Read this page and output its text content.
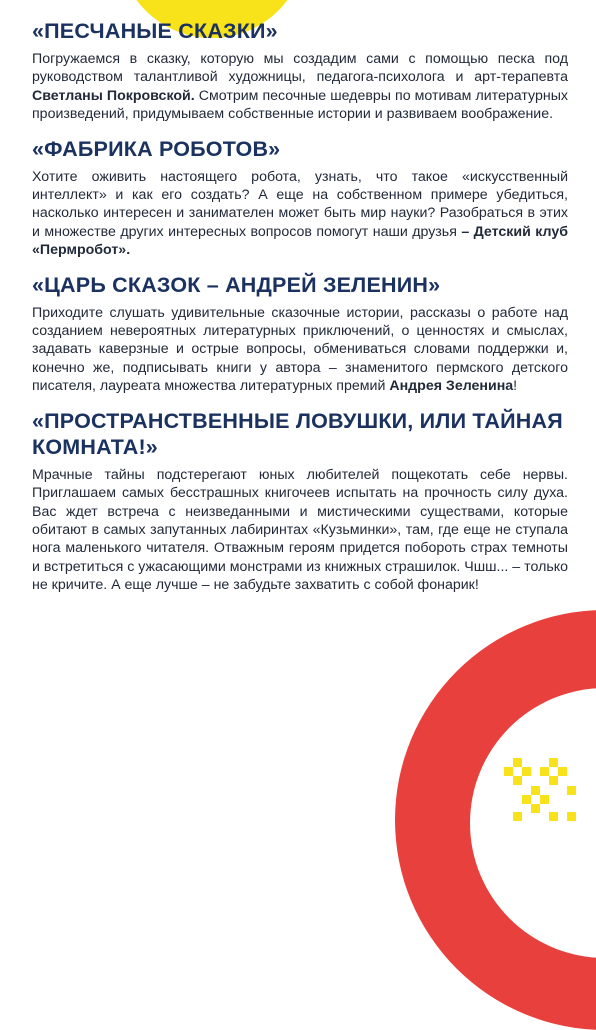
«ПЕСЧАНЫЕ СКАЗКИ»

Погружаемся в сказку, которую мы создадим сами с помощью песка под руководством талантливой художницы, педагога-психолога и арт-терапевта Светланы Покровской. Смотрим песочные шедевры по мотивам литературных произведений, придумываем собственные истории и развиваем воображение.

«ФАБРИКА РОБОТОВ»

Хотите оживить настоящего робота, узнать, что такое «искусственный интеллект» и как его создать? А еще на собственном примере убедиться, насколько интересен и занимателен может быть мир науки? Разобраться в этих и множестве других интересных вопросов помогут наши друзья – Детский клуб «Пермробот».

«ЦАРЬ СКАЗОК – АНДРЕЙ ЗЕЛЕНИН»

Приходите слушать удивительные сказочные истории, рассказы о работе над созданием невероятных литературных приключений, о ценностях и смыслах, задавать каверзные и острые вопросы, обмениваться словами поддержки и, конечно же, подписывать книги у автора – знаменитого пермского детского писателя, лауреата множества литературных премий Андрея Зеленина!

«ПРОСТРАНСТВЕННЫЕ ЛОВУШКИ, ИЛИ ТАЙНАЯ КОМНАТА!»

Мрачные тайны подстерегают юных любителей пощекотать себе нервы. Приглашаем самых бесстрашных книгочеев испытать на прочность силу духа. Вас ждет встреча с неизведанными и мистическими существами, которые обитают в самых запутанных лабиринтах «Кузьминки», там, где еще не ступала нога маленького читателя. Отважным героям придется побороть страх темноты и встретиться с ужасающими монстрами из книжных страшилок. Чшш... – только не кричите. А еще лучше – не забудьте захватить с собой фонарик!
